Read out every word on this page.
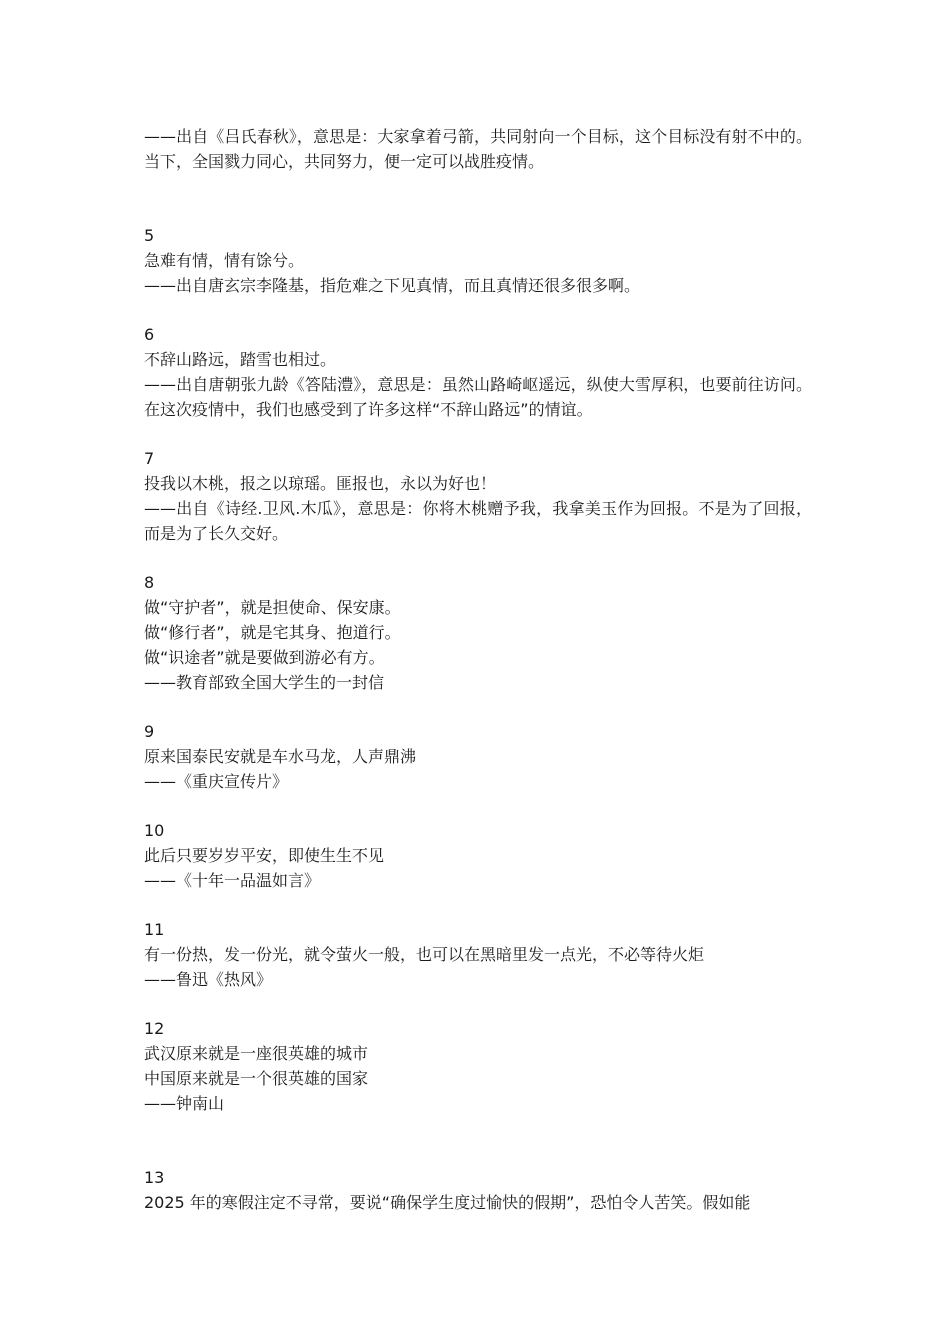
——出自《吕氏春秋》，意思是：大家拿着弓箭，共同射向一个目标，这个目标没有射不中的。当下，全国戮力同心，共同努力，便一定可以战胜疫情。

5

急难有情，情有馀兮。

——出自唐玄宗李隆基，指危难之下见真情，而且真情还很多很多啊。

6

不辞山路远，踏雪也相过。

——出自唐朝张九龄《答陆澧》，意思是：虽然山路崎岖遥远，纵使大雪厚积，也要前往访问。在这次疫情中，我们也感受到了许多这样“不辞山路远”的情谊。

7

投我以木桃，报之以琼瑶。匪报也，永以为好也！

——出自《诗经.卫风.木瓜》，意思是：你将木桃赠予我，我拿美玉作为回报。不是为了回报，而是为了长久交好。

8

做“守护者”，就是担使命、保安康。

做“修行者”，就是宅其身、抱道行。

做“识途者”就是要做到游必有方。

——教育部致全国大学生的一封信

9

原来国泰民安就是车水马龙，人声鼎沸

——《重庆宣传片》

10

此后只要岁岁平安，即使生生不见

——《十年一品温如言》

11

有一份热，发一份光，就令萤火一般，也可以在黑暗里发一点光，不必等待火炬

——鲁迅《热风》

12

武汉原来就是一座很英雄的城市

中国原来就是一个很英雄的国家

——钟南山

13

2025 年的寒假注定不寻常，要说“确保学生度过愉快的假期”，恐怕令人苦笑。假如能
